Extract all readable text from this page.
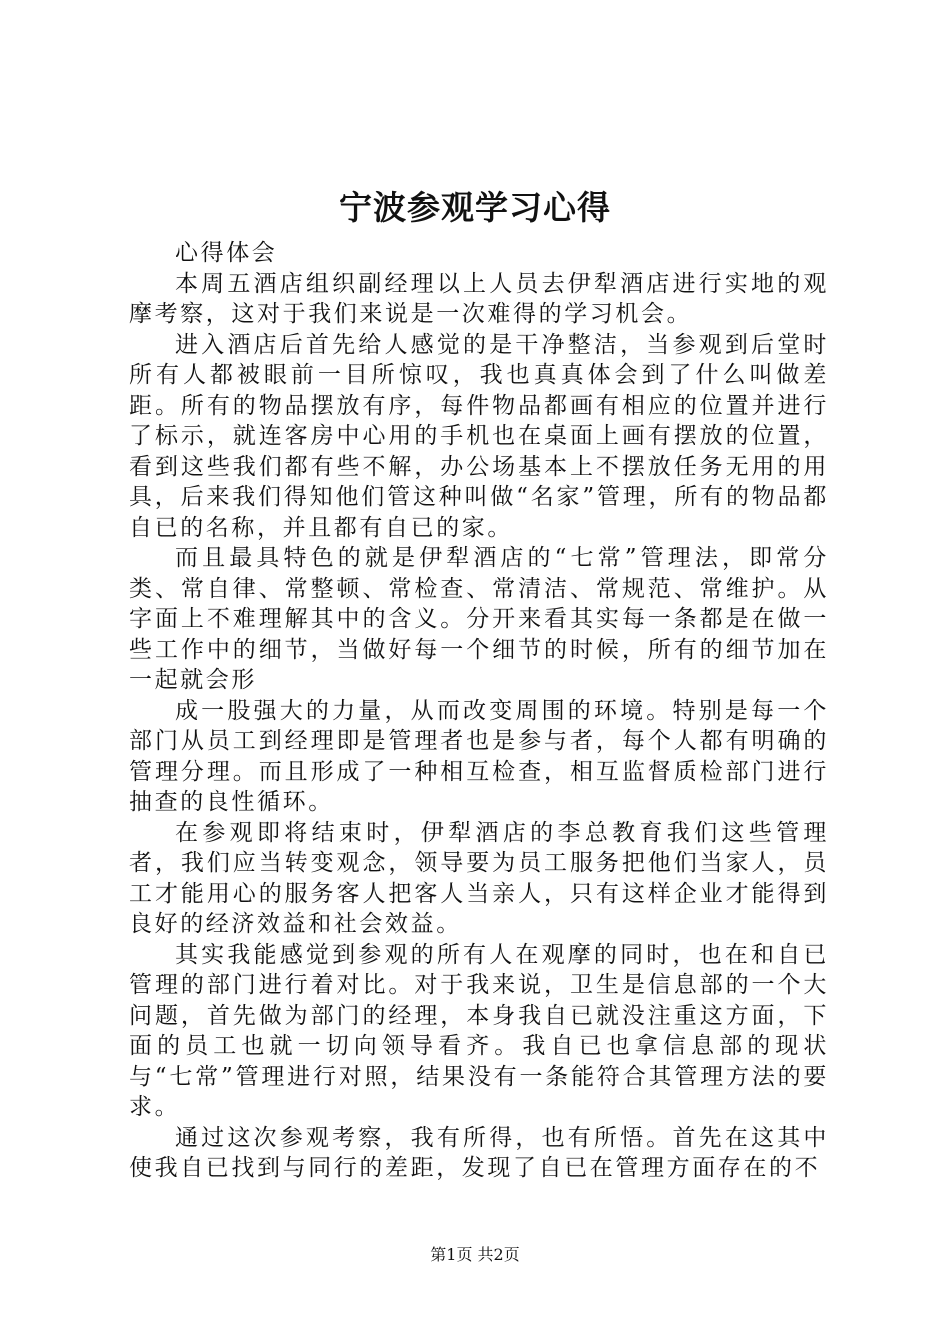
宁波参观学习心得

心得体会

本周五酒店组织副经理以上人员去伊犁酒店进行实地的观摩考察，这对于我们来说是一次难得的学习机会。

进入酒店后首先给人感觉的是干净整洁，当参观到后堂时所有人都被眼前一目所惊叹，我也真真体会到了什么叫做差距。所有的物品摆放有序，每件物品都画有相应的位置并进行了标示，就连客房中心用的手机也在桌面上画有摆放的位置，看到这些我们都有些不解，办公场基本上不摆放任务无用的用具，后来我们得知他们管这种叫做“名家”管理，所有的物品都自已的名称，并且都有自已的家。

而且最具特色的就是伊犁酒店的“七常”管理法，即常分类、常自律、常整顿、常检查、常清洁、常规范、常维护。从字面上不难理解其中的含义。分开来看其实每一条都是在做一些工作中的细节，当做好每一个细节的时候，所有的细节加在一起就会形

成一股强大的力量，从而改变周围的环境。特别是每一个部门从员工到经理即是管理者也是参与者，每个人都有明确的管理分理。而且形成了一种相互检查，相互监督质检部门进行抽查的良性循环。

在参观即将结束时，伊犁酒店的李总教育我们这些管理者，我们应当转变观念，领导要为员工服务把他们当家人，员工才能用心的服务客人把客人当亲人，只有这样企业才能得到良好的经济效益和社会效益。

其实我能感觉到参观的所有人在观摩的同时，也在和自已管理的部门进行着对比。对于我来说，卫生是信息部的一个大问题，首先做为部门的经理，本身我自已就没注重这方面，下面的员工也就一切向领导看齐。我自已也拿信息部的现状与“七常”管理进行对照，结果没有一条能符合其管理方法的要求。

通过这次参观考察，我有所得，也有所悟。首先在这其中使我自已找到与同行的差距，发现了自已在管理方面存在的不

第1页 共2页
